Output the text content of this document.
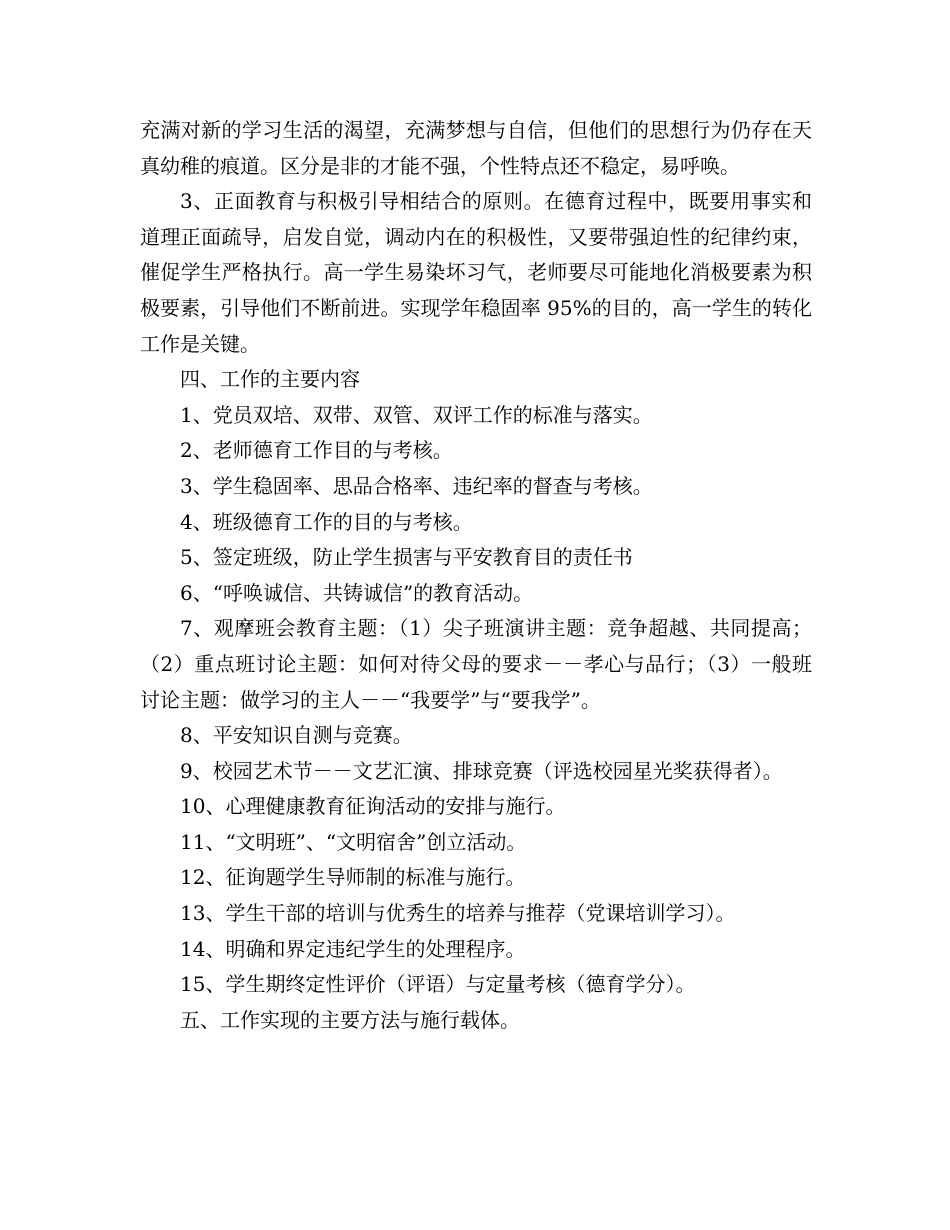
充满对新的学习生活的渴望，充满梦想与自信，但他们的思想行为仍存在天真幼稚的痕道。区分是非的才能不强，个性特点还不稳定，易呼唤。

3、正面教育与积极引导相结合的原则。在德育过程中，既要用事实和道理正面疏导，启发自觉，调动内在的积极性，又要带强迫性的纪律约束，催促学生严格执行。高一学生易染坏习气，老师要尽可能地化消极要素为积极要素，引导他们不断前进。实现学年稳固率 95%的目的，高一学生的转化工作是关键。

四、工作的主要内容

1、党员双培、双带、双管、双评工作的标准与落实。

2、老师德育工作目的与考核。

3、学生稳固率、思品合格率、违纪率的督查与考核。

4、班级德育工作的目的与考核。

5、签定班级，防止学生损害与平安教育目的责任书

6、“呼唤诚信、共铸诚信”的教育活动。

7、观摩班会教育主题：（1）尖子班演讲主题：竞争超越、共同提高；（2）重点班讨论主题：如何对待父母的要求－－孝心与品行；（3）一般班讨论主题：做学习的主人－－“我要学”与“要我学”。

8、平安知识自测与竞赛。

9、校园艺术节－－文艺汇演、排球竞赛（评选校园星光奖获得者）。

10、心理健康教育征询活动的安排与施行。

11、“文明班”、“文明宿舍”创立活动。

12、征询题学生导师制的标准与施行。

13、学生干部的培训与优秀生的培养与推荐（党课培训学习）。

14、明确和界定违纪学生的处理程序。

15、学生期终定性评价（评语）与定量考核（德育学分）。

五、工作实现的主要方法与施行载体。
